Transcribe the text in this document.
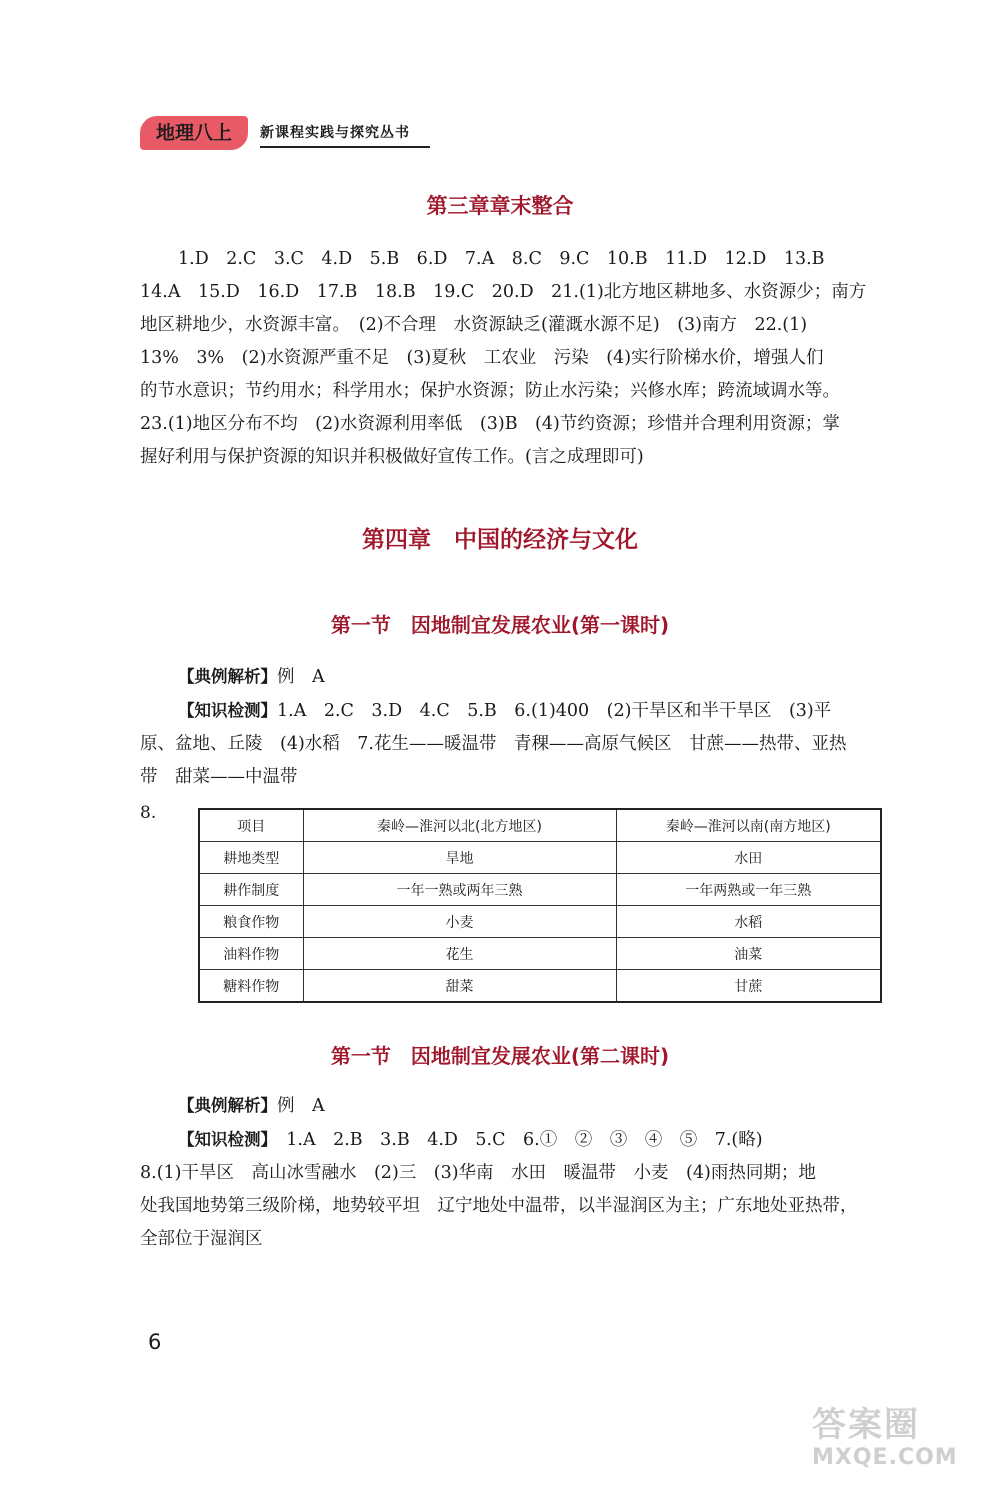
地理八上	新课程实践与探究丛书
第三章章末整合
1.D　2.C　3.C　4.D　5.B　6.D　7.A　8.C　9.C　10.B　11.D　12.D　13.B
14.A　15.D　16.D　17.B　18.B　19.C　20.D　21.(1)北方地区耕地多、水资源少；南方
地区耕地少，水资源丰富。　(2)不合理　水资源缺乏(灌溉水源不足)　(3)南方　22.(1)
13%　3%　(2)水资源严重不足　(3)夏秋　工农业　污染　(4)实行阶梯水价，增强人们
的节水意识；节约用水；科学用水；保护水资源；防止水污染；兴修水库；跨流域调水等。
23.(1)地区分布不均　(2)水资源利用率低　(3)B　(4)节约资源；珍惜并合理利用资源；掌
握好利用与保护资源的知识并积极做好宣传工作。(言之成理即可)
第四章　中国的经济与文化
第一节　因地制宜发展农业(第一课时)
【典例解析】例　A
【知识检测】1.A　2.C　3.D　4.C　5.B　6.(1)400　(2)干旱区和半干旱区　(3)平
原、盆地、丘陵　(4)水稻　7.花生——暖温带　青稞——高原气候区　甘蔗——热带、亚热
带　甜菜——中温带
8.
项目	秦岭—淮河以北(北方地区)	秦岭—淮河以南(南方地区)
耕地类型	旱地	水田
耕作制度	一年一熟或两年三熟	一年两熟或一年三熟
粮食作物	小麦	水稻
油料作物	花生	油菜
糖料作物	甜菜	甘蔗
第一节　因地制宜发展农业(第二课时)
【典例解析】例　A
【知识检测】　1.A　2.B　3.B　4.D　5.C　6.①　②　③　④　⑤　7.(略)
8.(1)干旱区　高山冰雪融水　(2)三　(3)华南　水田　暖温带　小麦　(4)雨热同期；地
处我国地势第三级阶梯，地势较平坦　辽宁地处中温带，以半湿润区为主；广东地处亚热带，
全部位于湿润区
6
答案圈
MXQE.COM
